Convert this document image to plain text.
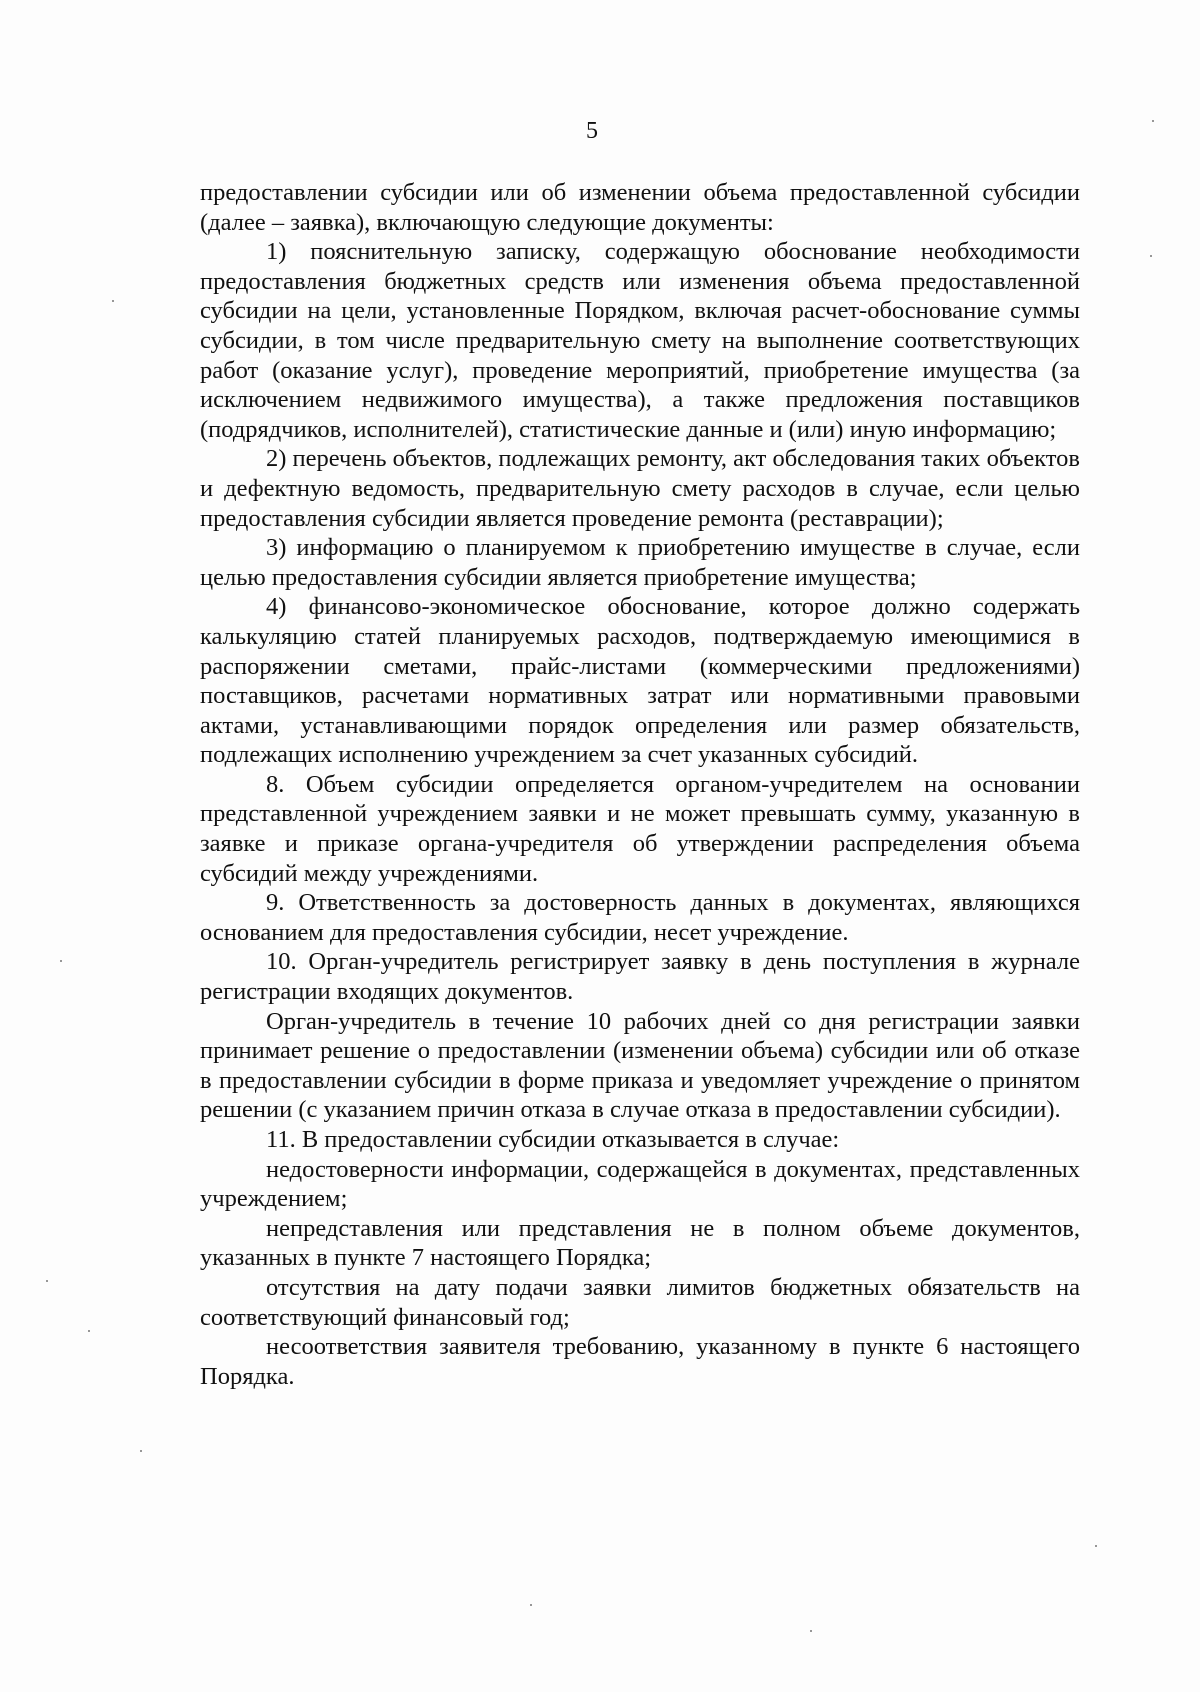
5

предоставлении субсидии или об изменении объема предоставленной субсидии (далее – заявка), включающую следующие документы:

1) пояснительную записку, содержащую обоснование необходимости предоставления бюджетных средств или изменения объема предоставленной субсидии на цели, установленные Порядком, включая расчет-обоснование суммы субсидии, в том числе предварительную смету на выполнение соответствующих работ (оказание услуг), проведение мероприятий, приобретение имущества (за исключением недвижимого имущества), а также предложения поставщиков (подрядчиков, исполнителей), статистические данные и (или) иную информацию;

2) перечень объектов, подлежащих ремонту, акт обследования таких объектов и дефектную ведомость, предварительную смету расходов в случае, если целью предоставления субсидии является проведение ремонта (реставрации);

3) информацию о планируемом к приобретению имуществе в случае, если целью предоставления субсидии является приобретение имущества;

4) финансово-экономическое обоснование, которое должно содержать калькуляцию статей планируемых расходов, подтверждаемую имеющимися в распоряжении сметами, прайс-листами (коммерческими предложениями) поставщиков, расчетами нормативных затрат или нормативными правовыми актами, устанавливающими порядок определения или размер обязательств, подлежащих исполнению учреждением за счет указанных субсидий.

8. Объем субсидии определяется органом-учредителем на основании представленной учреждением заявки и не может превышать сумму, указанную в заявке и приказе органа-учредителя об утверждении распределения объема субсидий между учреждениями.

9. Ответственность за достоверность данных в документах, являющихся основанием для предоставления субсидии, несет учреждение.

10. Орган-учредитель регистрирует заявку в день поступления в журнале регистрации входящих документов.

Орган-учредитель в течение 10 рабочих дней со дня регистрации заявки принимает решение о предоставлении (изменении объема) субсидии или об отказе в предоставлении субсидии в форме приказа и уведомляет учреждение о принятом решении (с указанием причин отказа в случае отказа в предоставлении субсидии).

11. В предоставлении субсидии отказывается в случае:

недостоверности информации, содержащейся в документах, представленных учреждением;

непредставления или представления не в полном объеме документов, указанных в пункте 7 настоящего Порядка;

отсутствия на дату подачи заявки лимитов бюджетных обязательств на соответствующий финансовый год;

несоответствия заявителя требованию, указанному в пункте 6 настоящего Порядка.
